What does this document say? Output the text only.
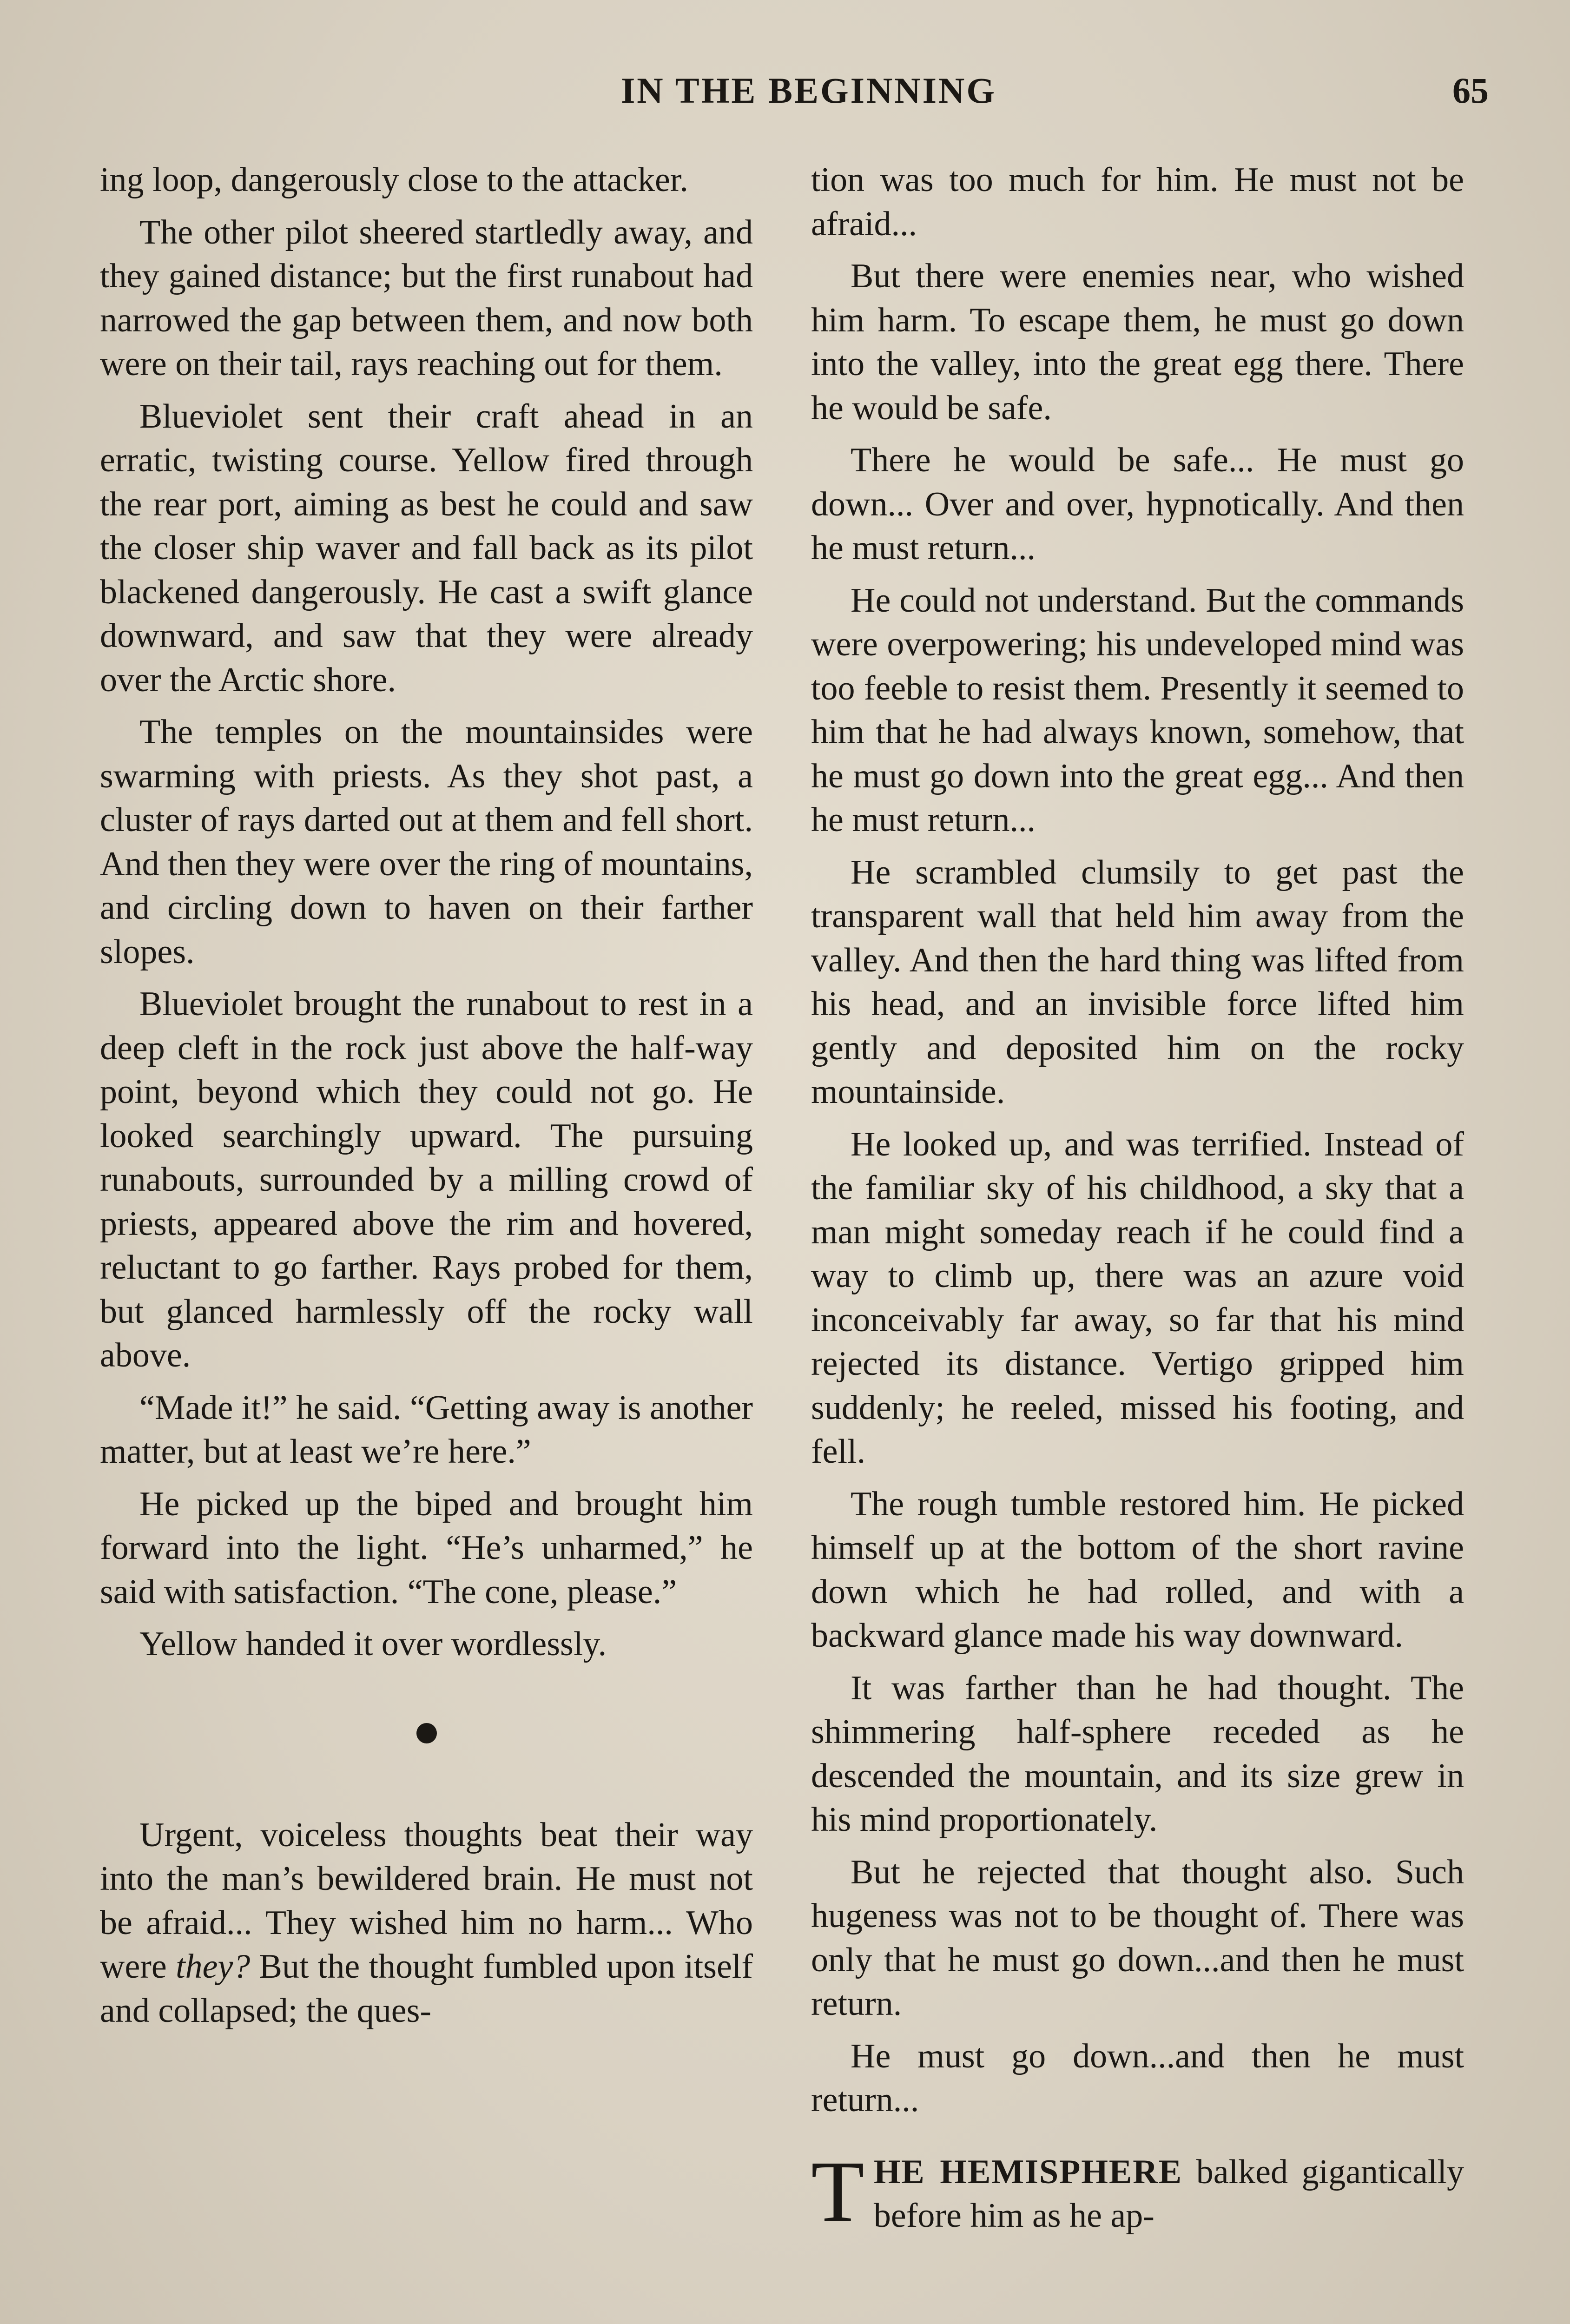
IN THE BEGINNING	65

ing loop, dangerously close to the attacker.

The other pilot sheered startledly away, and they gained distance; but the first runabout had narrowed the gap between them, and now both were on their tail, rays reaching out for them.

Blueviolet sent their craft ahead in an erratic, twisting course. Yellow fired through the rear port, aiming as best he could and saw the closer ship waver and fall back as its pilot blackened dangerously. He cast a swift glance downward, and saw that they were already over the Arctic shore.

The temples on the mountainsides were swarming with priests. As they shot past, a cluster of rays darted out at them and fell short. And then they were over the ring of mountains, and circling down to haven on their farther slopes.

Blueviolet brought the runabout to rest in a deep cleft in the rock just above the half-way point, beyond which they could not go. He looked searchingly upward. The pursuing runabouts, surrounded by a milling crowd of priests, appeared above the rim and hovered, reluctant to go farther. Rays probed for them, but glanced harmlessly off the rocky wall above.

“Made it!” he said. “Getting away is another matter, but at least we’re here.”

He picked up the biped and brought him forward into the light. “He’s unharmed,” he said with satisfaction. “The cone, please.”

Yellow handed it over wordlessly.

Urgent, voiceless thoughts beat their way into the man’s bewildered brain. He must not be afraid... They wished him no harm... Who were they? But the thought fumbled upon itself and collapsed; the ques-

tion was too much for him. He must not be afraid...

But there were enemies near, who wished him harm. To escape them, he must go down into the valley, into the great egg there. There he would be safe.

There he would be safe... He must go down... Over and over, hypnotically. And then he must return...

He could not understand. But the commands were overpowering; his undeveloped mind was too feeble to resist them. Presently it seemed to him that he had always known, somehow, that he must go down into the great egg... And then he must return...

He scrambled clumsily to get past the transparent wall that held him away from the valley. And then the hard thing was lifted from his head, and an invisible force lifted him gently and deposited him on the rocky mountainside.

He looked up, and was terrified. Instead of the familiar sky of his childhood, a sky that a man might someday reach if he could find a way to climb up, there was an azure void inconceivably far away, so far that his mind rejected its distance. Vertigo gripped him suddenly; he reeled, missed his footing, and fell.

The rough tumble restored him. He picked himself up at the bottom of the short ravine down which he had rolled, and with a backward glance made his way downward.

It was farther than he had thought. The shimmering half-sphere receded as he descended the mountain, and its size grew in his mind proportionately.

But he rejected that thought also. Such hugeness was not to be thought of. There was only that he must go down...and then he must return.

He must go down...and then he must return...

THE HEMISPHERE balked gigantically before him as he ap-
